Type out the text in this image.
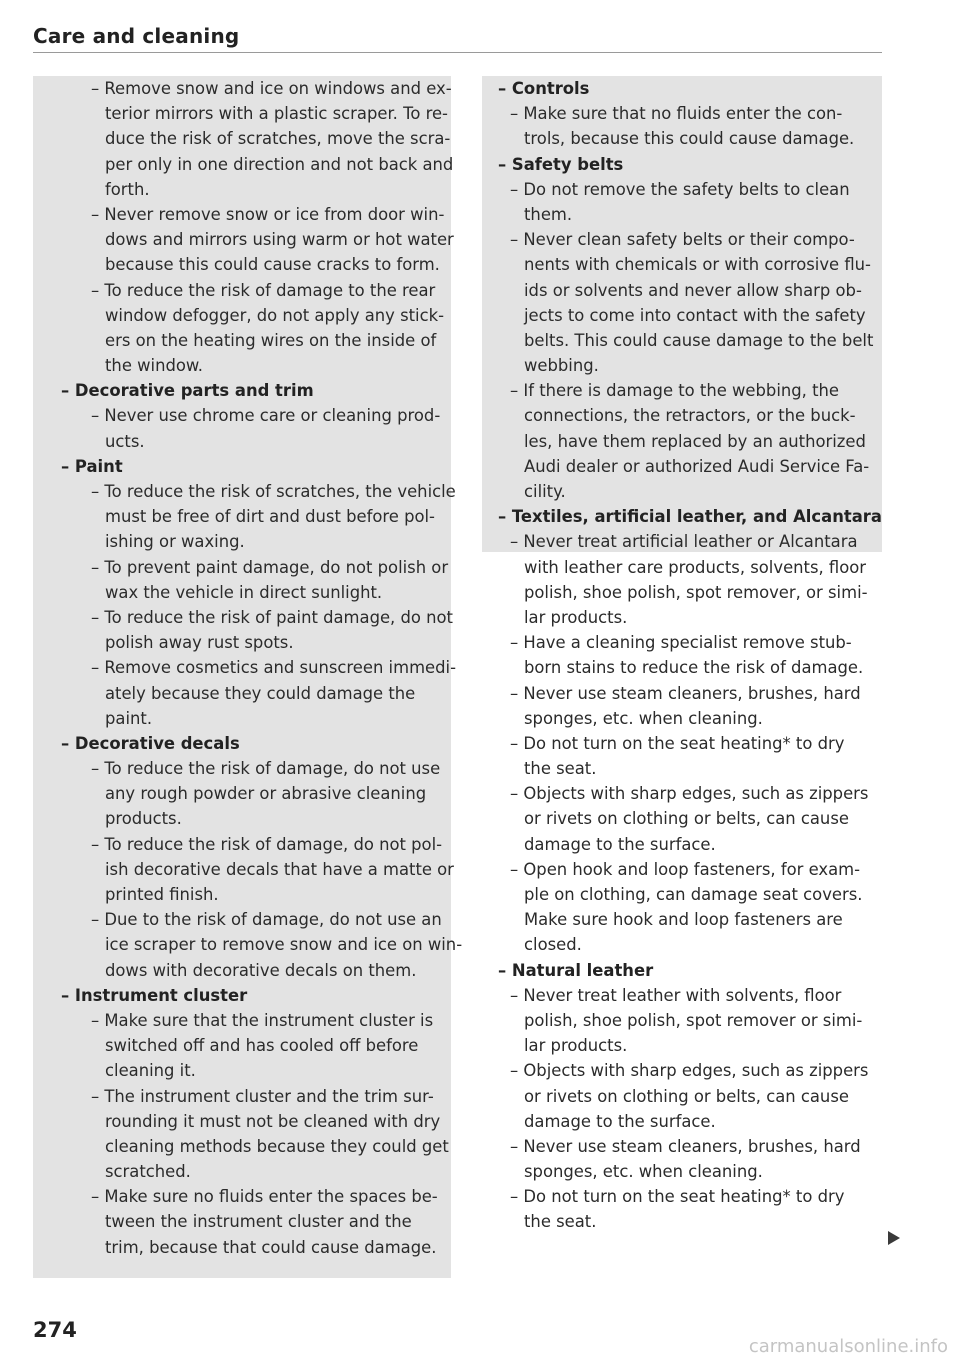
Care and cleaning
– Remove snow and ice on windows and ex-
terior mirrors with a plastic scraper. To re-
duce the risk of scratches, move the scra-
per only in one direction and not back and
forth.
– Never remove snow or ice from door win-
dows and mirrors using warm or hot water
because this could cause cracks to form.
– To reduce the risk of damage to the rear
window defogger, do not apply any stick-
ers on the heating wires on the inside of
the window.
– Decorative parts and trim
– Never use chrome care or cleaning prod-
ucts.
– Paint
– To reduce the risk of scratches, the vehicle
must be free of dirt and dust before pol-
ishing or waxing.
– To prevent paint damage, do not polish or
wax the vehicle in direct sunlight.
– To reduce the risk of paint damage, do not
polish away rust spots.
– Remove cosmetics and sunscreen immedi-
ately because they could damage the
paint.
– Decorative decals
– To reduce the risk of damage, do not use
any rough powder or abrasive cleaning
products.
– To reduce the risk of damage, do not pol-
ish decorative decals that have a matte or
printed finish.
– Due to the risk of damage, do not use an
ice scraper to remove snow and ice on win-
dows with decorative decals on them.
– Instrument cluster
– Make sure that the instrument cluster is
switched off and has cooled off before
cleaning it.
– The instrument cluster and the trim sur-
rounding it must not be cleaned with dry
cleaning methods because they could get
scratched.
– Make sure no fluids enter the spaces be-
tween the instrument cluster and the
trim, because that could cause damage.
– Controls
– Make sure that no fluids enter the con-
trols, because this could cause damage.
– Safety belts
– Do not remove the safety belts to clean
them.
– Never clean safety belts or their compo-
nents with chemicals or with corrosive flu-
ids or solvents and never allow sharp ob-
jects to come into contact with the safety
belts. This could cause damage to the belt
webbing.
– If there is damage to the webbing, the
connections, the retractors, or the buck-
les, have them replaced by an authorized
Audi dealer or authorized Audi Service Fa-
cility.
– Textiles, artificial leather, and Alcantara
– Never treat artificial leather or Alcantara
with leather care products, solvents, floor
polish, shoe polish, spot remover, or simi-
lar products.
– Have a cleaning specialist remove stub-
born stains to reduce the risk of damage.
– Never use steam cleaners, brushes, hard
sponges, etc. when cleaning.
– Do not turn on the seat heating* to dry
the seat.
– Objects with sharp edges, such as zippers
or rivets on clothing or belts, can cause
damage to the surface.
– Open hook and loop fasteners, for exam-
ple on clothing, can damage seat covers.
Make sure hook and loop fasteners are
closed.
– Natural leather
– Never treat leather with solvents, floor
polish, shoe polish, spot remover or simi-
lar products.
– Objects with sharp edges, such as zippers
or rivets on clothing or belts, can cause
damage to the surface.
– Never use steam cleaners, brushes, hard
sponges, etc. when cleaning.
– Do not turn on the seat heating* to dry
the seat.
274
carmanualsonline.info
